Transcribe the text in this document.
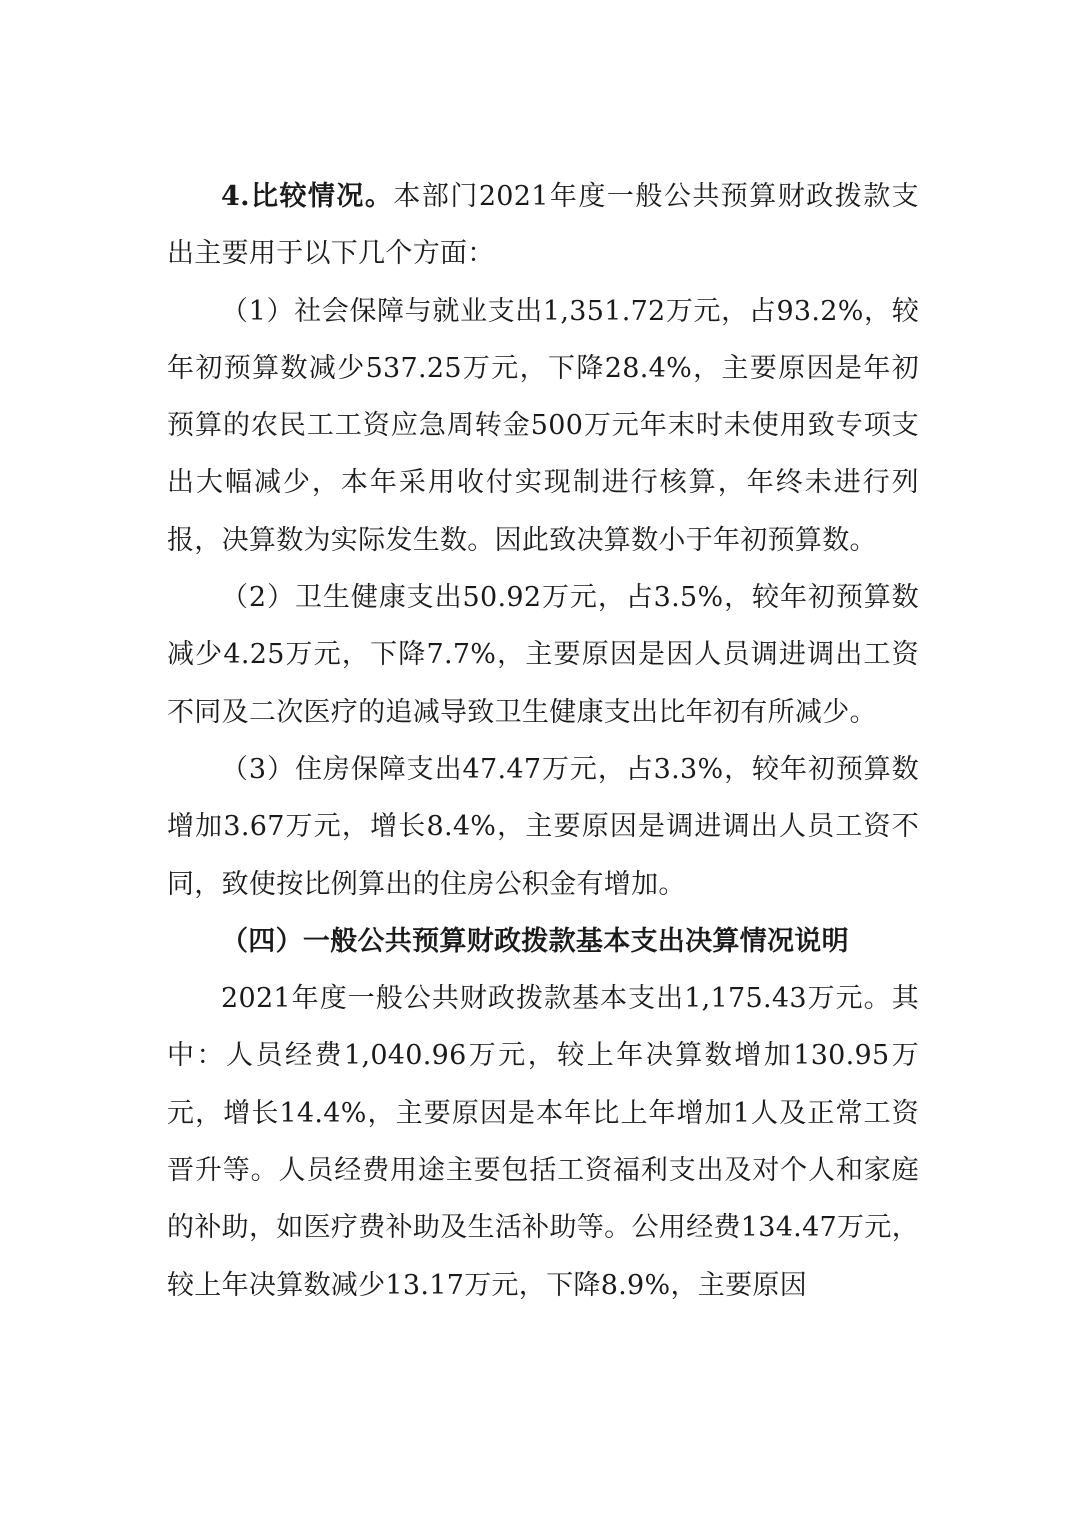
4.比较情况。本部门2021年度一般公共预算财政拨款支出主要用于以下几个方面：

（1）社会保障与就业支出1,351.72万元，占93.2%，较年初预算数减少537.25万元，下降28.4%，主要原因是年初预算的农民工工资应急周转金500万元年末时未使用致专项支出大幅减少，本年采用收付实现制进行核算，年终未进行列报，决算数为实际发生数。因此致决算数小于年初预算数。

（2）卫生健康支出50.92万元，占3.5%，较年初预算数减少4.25万元，下降7.7%，主要原因是因人员调进调出工资不同及二次医疗的追减导致卫生健康支出比年初有所减少。

（3）住房保障支出47.47万元，占3.3%，较年初预算数增加3.67万元，增长8.4%，主要原因是调进调出人员工资不同，致使按比例算出的住房公积金有增加。

（四）一般公共预算财政拨款基本支出决算情况说明

2021年度一般公共财政拨款基本支出1,175.43万元。其中：人员经费1,040.96万元，较上年决算数增加130.95万元，增长14.4%，主要原因是本年比上年增加1人及正常工资晋升等。人员经费用途主要包括工资福利支出及对个人和家庭的补助，如医疗费补助及生活补助等。公用经费134.47万元，较上年决算数减少13.17万元，下降8.9%，主要原因
